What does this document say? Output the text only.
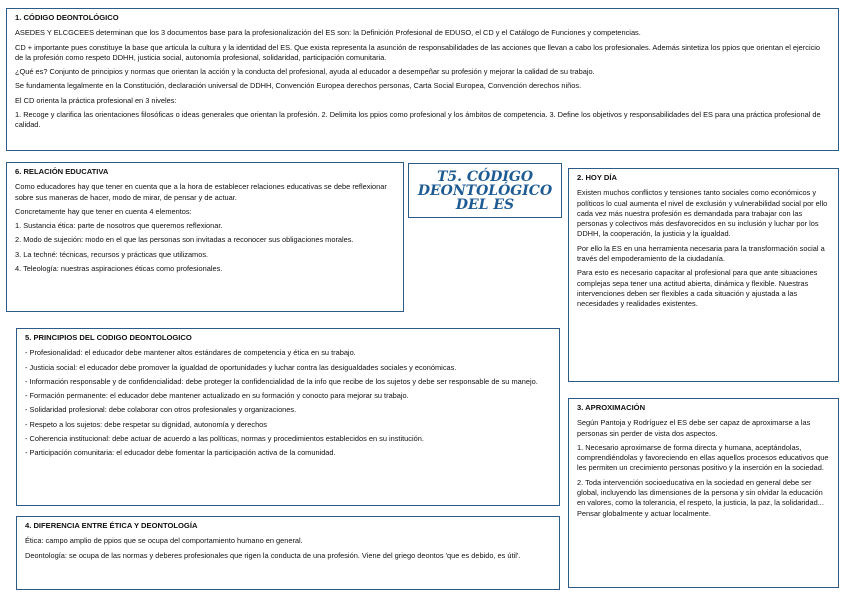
1. CÓDIGO DEONTOLÓGICO

ASEDES Y ELCGCEES determinan que los 3 documentos base para la profesionalización del ES son: la Definición Profesional de EDUSO, el CD y el Catálogo de Funciones y competencias.

CD + importante pues constituye la base que articula la cultura y la identidad del ES. Que exista representa la asunción de responsabilidades de las acciones que llevan a cabo los profesionales. Además sintetiza los ppios que orientan el ejercicio de la profesión como respeto DDHH, justicia social, autonomía profesional, solidaridad, participación comunitaria.

¿Qué es? Conjunto de principios y normas que orientan la acción y la conducta del profesional, ayuda al educador a desempeñar su profesión y mejorar la calidad de su trabajo.

Se fundamenta legalmente en la Constitución, declaración universal de DDHH, Convención Europea derechos personas, Carta Social Europea, Convención derechos niños.

El CD orienta la práctica profesional en 3 niveles:

1. Recoge y clarifica las orientaciones filosóficas o ideas generales que orientan la profesión. 2. Delimita los ppios como profesional y los ámbitos de competencia. 3. Define los objetivos y responsabilidades del ES para una práctica profesional de calidad.

6. RELACIÓN EDUCATIVA

Como educadores hay que tener en cuenta que a la hora de establecer relaciones educativas se debe reflexionar sobre sus maneras de hacer, modo de mirar, de pensar y de actuar.

Concretamente hay que tener en cuenta 4 elementos:

1. Sustancia ética: parte de nosotros que queremos reflexionar.

2. Modo de sujeción: modo en el que las personas son invitadas a reconocer sus obligaciones morales.

3. La techné: técnicas, recursos y prácticas que utilizamos.

4. Teleología: nuestras aspiraciones éticas como profesionales.

T5. CÓDIGO DEONTOLÓGICO DEL ES
2. HOY DÍA

Existen muchos conflictos y tensiones tanto sociales como económicos y políticos lo cual aumenta el nivel de exclusión y vulnerabilidad social por ello cada vez más nuestra profesión es demandada para trabajar con las personas y colectivos más desfavorecidos en su inclusión y luchar por los DDHH, la cooperación, la justicia y la igualdad.

Por ello la ES en una herramienta necesaria para la transformación social a través del empoderamiento de la ciudadanía.

Para esto es necesario capacitar al profesional para que ante situaciones complejas sepa tener una actitud abierta, dinámica y flexible. Nuestras intervenciones deben ser flexibles a cada situación y ajustada a las necesidades y realidades existentes.

5. PRINCIPIOS DEL CODIGO DEONTOLOGICO
- Profesionalidad: el educador debe mantener altos estándares de competencia y ética en su trabajo.
- Justicia social: el educador debe promover la igualdad de oportunidades y luchar contra las desigualdades sociales y económicas.
- Información responsable y de confidencialidad: debe proteger la confidencialidad de la info que recibe de los sujetos y debe ser responsable de su manejo.
- Formación permanente: el educador debe mantener actualizado en su formación y conocto para mejorar su trabajo.
- Solidaridad profesional: debe colaborar con otros profesionales y organizaciones.
- Respeto a los sujetos: debe respetar su dignidad, autonomía y derechos
- Coherencia institucional: debe actuar de acuerdo a las políticas, normas y procedimientos establecidos en su institución.
- Participación comunitaria: el educador debe fomentar la participación activa de la comunidad.
3. APROXIMACIÓN

Según Pantoja y Rodríguez el ES debe ser capaz de aproximarse a las personas sin perder de vista dos aspectos.

1. Necesario aproximarse de forma directa y humana, aceptándolas, comprendiéndolas y favoreciendo en ellas aquellos procesos educativos que les permiten un crecimiento personas positivo y la inserción en la sociedad.

2. Toda intervención socioeducativa en la sociedad en general debe ser global, incluyendo las dimensiones de la persona y sin olvidar la educación en valores, como la tolerancia, el respeto, la justicia, la paz, la solidaridad... Pensar globalmente y actuar localmente.

4. DIFERENCIA ENTRE ÉTICA Y DEONTOLOGÍA

Ética: campo amplio de ppios que se ocupa del comportamiento humano en general.

Deontología: se ocupa de las normas y deberes profesionales que rigen la conducta de una profesión. Viene del griego deontos 'que es debido, es útil'.
